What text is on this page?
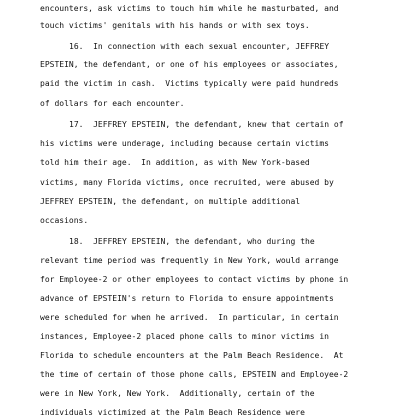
encounters, ask victims to touch him while he masturbated, and
touch victims' genitals with his hands or with sex toys.
16.  In connection with each sexual encounter, JEFFREY
EPSTEIN, the defendant, or one of his employees or associates,
paid the victim in cash.  Victims typically were paid hundreds
of dollars for each encounter.
17.  JEFFREY EPSTEIN, the defendant, knew that certain of
his victims were underage, including because certain victims
told him their age.  In addition, as with New York-based
victims, many Florida victims, once recruited, were abused by
JEFFREY EPSTEIN, the defendant, on multiple additional
occasions.
18.  JEFFREY EPSTEIN, the defendant, who during the
relevant time period was frequently in New York, would arrange
for Employee-2 or other employees to contact victims by phone in
advance of EPSTEIN's return to Florida to ensure appointments
were scheduled for when he arrived.  In particular, in certain
instances, Employee-2 placed phone calls to minor victims in
Florida to schedule encounters at the Palm Beach Residence.  At
the time of certain of those phone calls, EPSTEIN and Employee-2
were in New York, New York.  Additionally, certain of the
individuals victimized at the Palm Beach Residence were
